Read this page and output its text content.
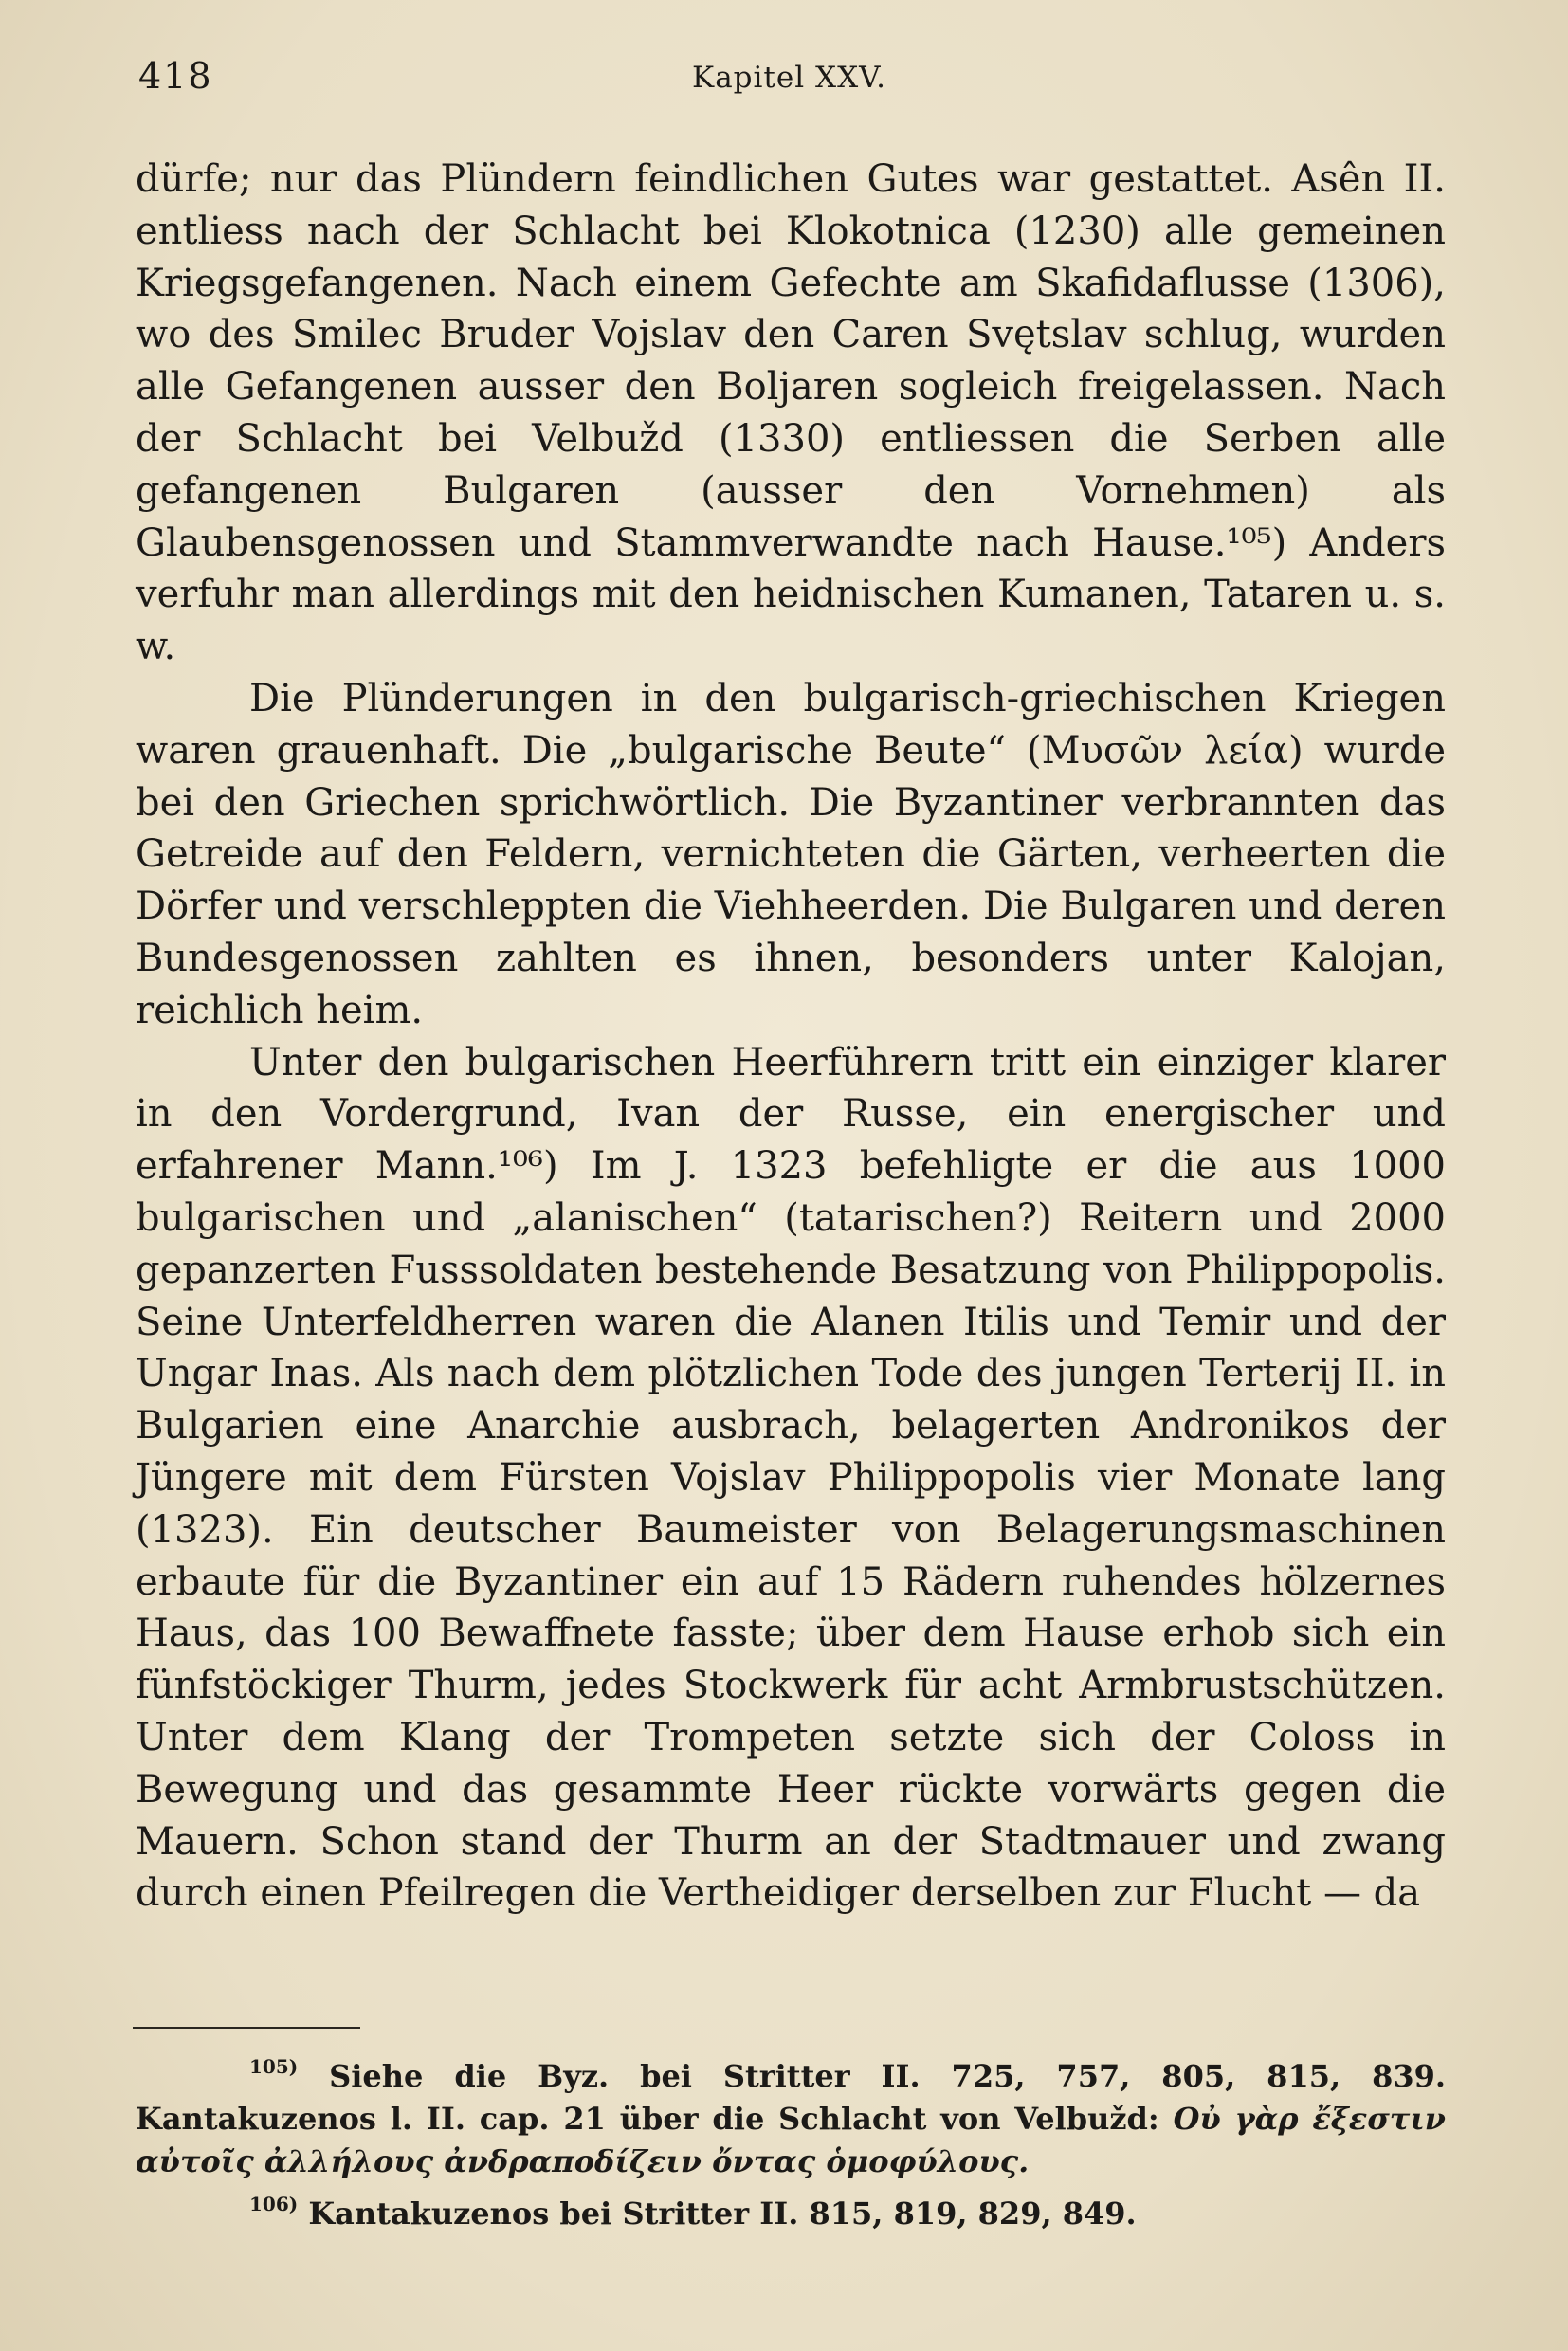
418	Kapitel XXV.

dürfe; nur das Plündern feindlichen Gutes war gestattet. Asên II. entliess nach der Schlacht bei Klokotnica (1230) alle gemeinen Kriegsgefangenen. Nach einem Gefechte am Skafidaflusse (1306), wo des Smilec Bruder Vojslav den Caren Svętslav schlug, wurden alle Gefangenen ausser den Boljaren sogleich freigelassen. Nach der Schlacht bei Velbužd (1330) entliessen die Serben alle gefangenen Bulgaren (ausser den Vornehmen) als Glaubensgenossen und Stammverwandte nach Hause.¹⁰⁵) Anders verfuhr man allerdings mit den heidnischen Kumanen, Tataren u. s. w.

Die Plünderungen in den bulgarisch-griechischen Kriegen waren grauenhaft. Die „bulgarische Beute“ (Μυσῶν λεία) wurde bei den Griechen sprichwörtlich. Die Byzantiner verbrannten das Getreide auf den Feldern, vernichteten die Gärten, verheerten die Dörfer und verschleppten die Viehheerden. Die Bulgaren und deren Bundesgenossen zahlten es ihnen, besonders unter Kalojan, reichlich heim.

Unter den bulgarischen Heerführern tritt ein einziger klarer in den Vordergrund, Ivan der Russe, ein energischer und erfahrener Mann.¹⁰⁶) Im J. 1323 befehligte er die aus 1000 bulgarischen und „alanischen“ (tatarischen?) Reitern und 2000 gepanzerten Fusssoldaten bestehende Besatzung von Philippopolis. Seine Unterfeldherren waren die Alanen Itilis und Temir und der Ungar Inas. Als nach dem plötzlichen Tode des jungen Terterij II. in Bulgarien eine Anarchie ausbrach, belagerten Andronikos der Jüngere mit dem Fürsten Vojslav Philippopolis vier Monate lang (1323). Ein deutscher Baumeister von Belagerungsmaschinen erbaute für die Byzantiner ein auf 15 Rädern ruhendes hölzernes Haus, das 100 Bewaffnete fasste; über dem Hause erhob sich ein fünfstöckiger Thurm, jedes Stockwerk für acht Armbrustschützen. Unter dem Klang der Trompeten setzte sich der Coloss in Bewegung und das gesammte Heer rückte vorwärts gegen die Mauern. Schon stand der Thurm an der Stadtmauer und zwang durch einen Pfeilregen die Vertheidiger derselben zur Flucht — da

$^{105)}$ Siehe die Byz. bei Stritter II. 725, 757, 805, 815, 839. Kantakuzenos l. II. cap. 21 über die Schlacht von Velbužd: Οὐ γὰρ ἔξεστιν αὐτοῖς ἀλλήλους ἀνδραποδίζειν ὄντας ὁμοφύλους.

$^{106)}$ Kantakuzenos bei Stritter II. 815, 819, 829, 849.
